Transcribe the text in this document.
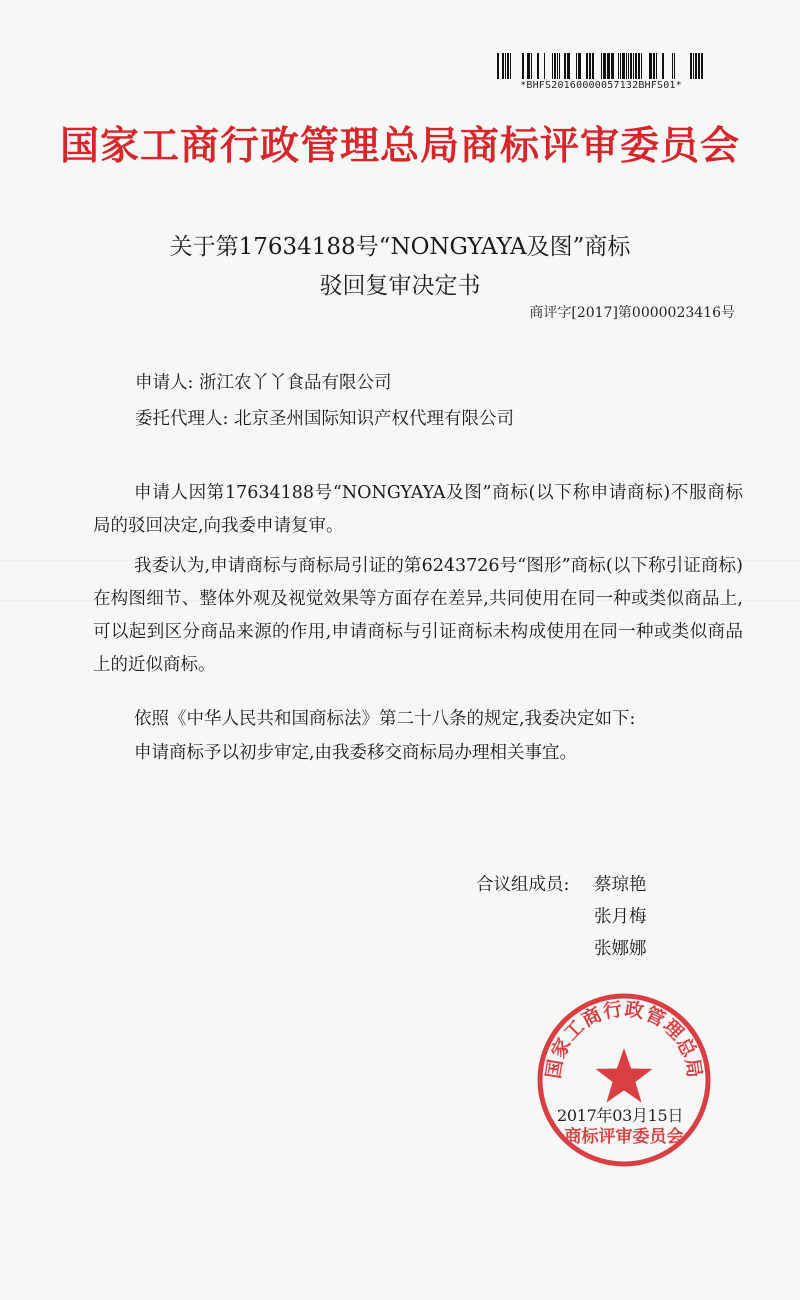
*BHFS20160000057132BHFS01*
国家工商行政管理总局商标评审委员会
关于第17634188号“NONGYAYA及图”商标
驳回复审决定书
商评字[2017]第0000023416号
申请人: 浙江农丫丫食品有限公司
委托代理人: 北京圣州国际知识产权代理有限公司
申请人因第17634188号“NONGYAYA及图”商标(以下称申请商标)不服商标局的驳回决定,向我委申请复审。
我委认为,申请商标与商标局引证的第6243726号“图形”商标(以下称引证商标)在构图细节、整体外观及视觉效果等方面存在差异,共同使用在同一种或类似商品上,可以起到区分商品来源的作用,申请商标与引证商标未构成使用在同一种或类似商品上的近似商标。
依照《中华人民共和国商标法》第二十八条的规定,我委决定如下:
申请商标予以初步审定,由我委移交商标局办理相关事宜。
合议组成员: 蔡琼艳
张月梅
张娜娜
国家工商行政管理总局
商标评审委员会
2017年03月15日
